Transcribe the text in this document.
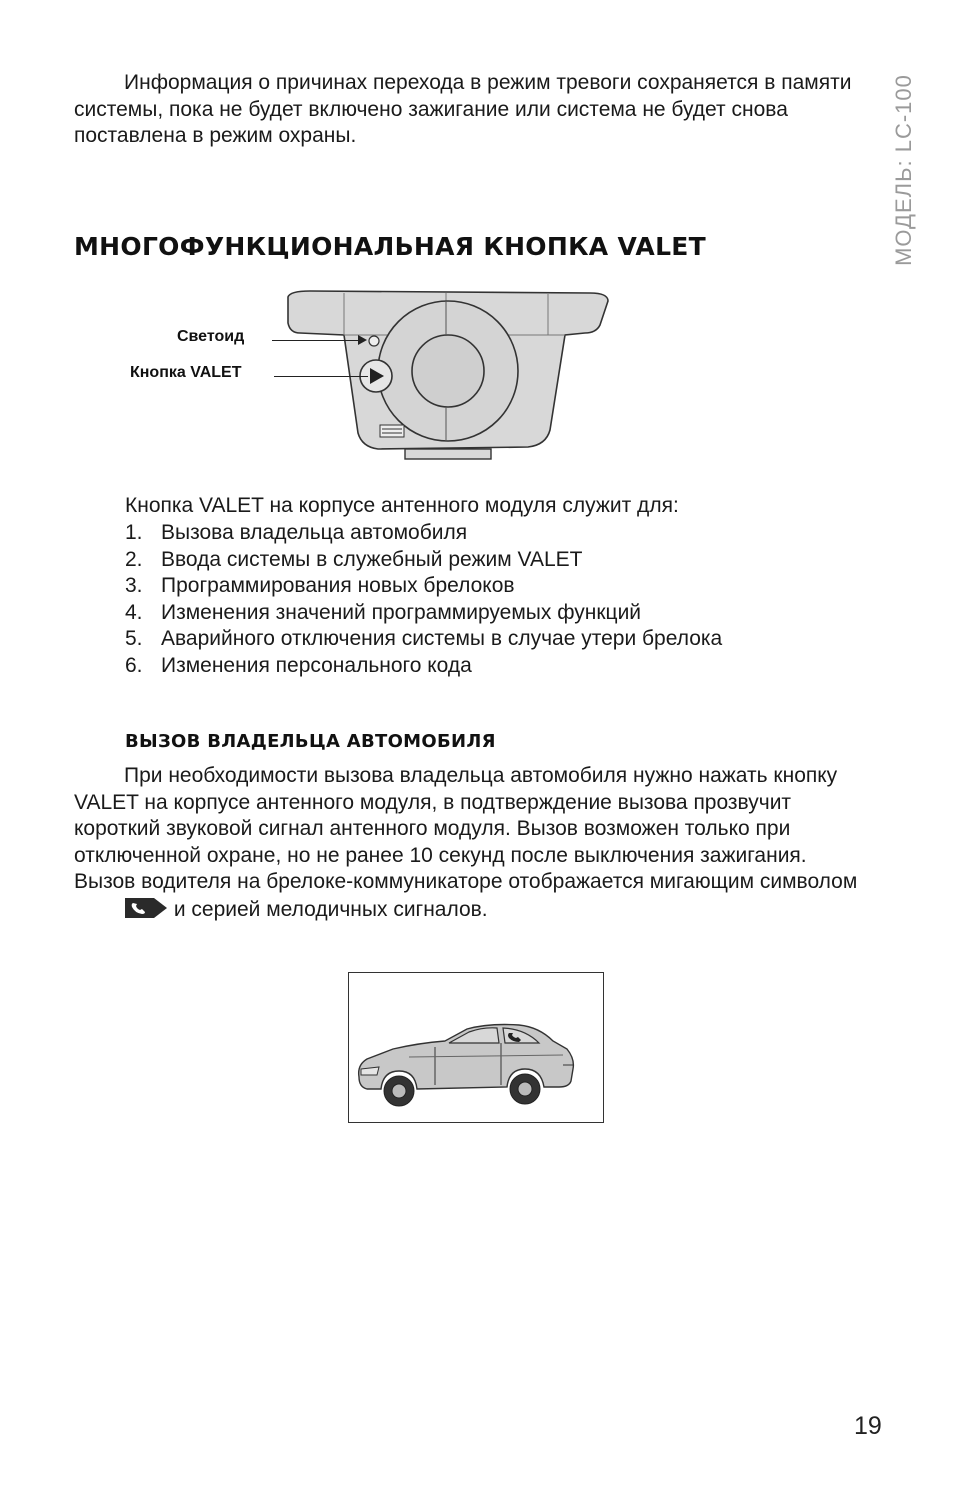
МОДЕЛЬ: LC-100

Информация о причинах перехода в режим тревоги сохраняется в памяти системы, пока не будет включено зажигание или система не будет снова поставлена в режим охраны.

МНОГОФУНКЦИОНАЛЬНАЯ КНОПКА VALET
Светоид
Кнопка VALET

Кнопка VALET на корпусе антенного модуля служит для:

1. Вызова владельца автомобиля
2. Ввода системы в служебный режим VALET
3. Программирования новых брелоков
4. Изменения значений программируемых функций
5. Аварийного отключения системы в случае утери брелока
6. Изменения персонального кода
ВЫЗОВ ВЛАДЕЛЬЦА АВТОМОБИЛЯ

При необходимости вызова владельца автомобиля нужно нажать кнопку VALET на корпусе антенного модуля, в подтверждение вызова прозвучит короткий звуковой сигнал антенного модуля. Вызов возможен только при отключенной охране, но не ранее 10 секунд после выключения зажигания. Вызов водителя на брелоке-коммуникаторе отображается мигающим символом  и серией мелодичных сигналов.

19
